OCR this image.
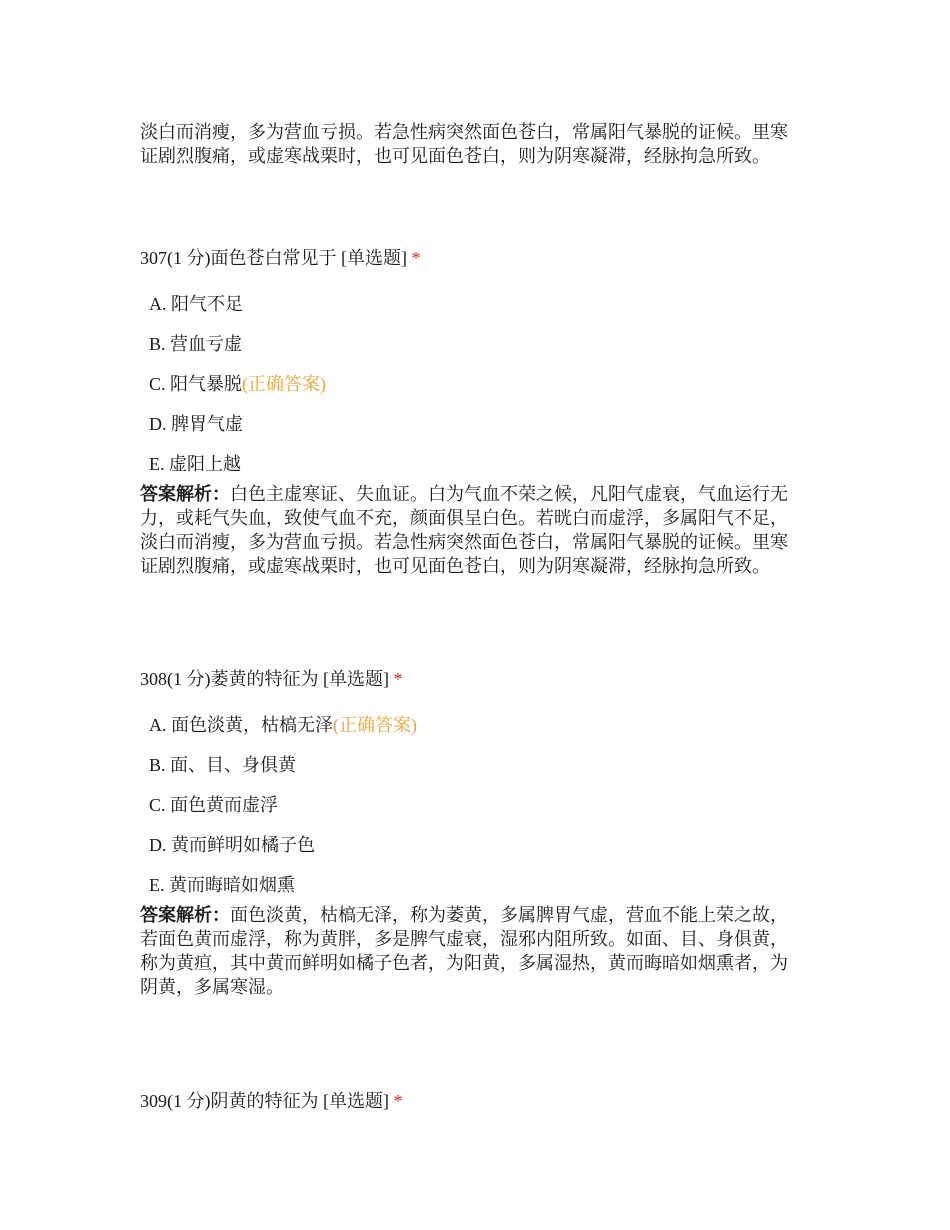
淡白而消瘦，多为营血亏损。若急性病突然面色苍白，常属阳气暴脱的证候。里寒

证剧烈腹痛，或虚寒战栗时，也可见面色苍白，则为阴寒凝滞，经脉拘急所致。

307(1 分)面色苍白常见于 [单选题] *

A. 阳气不足
B. 营血亏虚
C. 阳气暴脱(正确答案)
D. 脾胃气虚
E. 虚阳上越

答案解析：白色主虚寒证、失血证。白为气血不荣之候，凡阳气虚衰，气血运行无

力，或耗气失血，致使气血不充，颜面俱呈白色。若晄白而虚浮，多属阳气不足，

淡白而消瘦，多为营血亏损。若急性病突然面色苍白，常属阳气暴脱的证候。里寒

证剧烈腹痛，或虚寒战栗时，也可见面色苍白，则为阴寒凝滞，经脉拘急所致。

308(1 分)萎黄的特征为 [单选题] *

A. 面色淡黄，枯槁无泽(正确答案)
B. 面、目、身俱黄
C. 面色黄而虚浮
D. 黄而鲜明如橘子色
E. 黄而晦暗如烟熏

答案解析：面色淡黄，枯槁无泽，称为萎黄，多属脾胃气虚，营血不能上荣之故，

若面色黄而虚浮，称为黄胖，多是脾气虚衰，湿邪内阻所致。如面、目、身俱黄，

称为黄疸，其中黄而鲜明如橘子色者，为阳黄，多属湿热，黄而晦暗如烟熏者，为

阴黄，多属寒湿。

309(1 分)阴黄的特征为 [单选题] *
